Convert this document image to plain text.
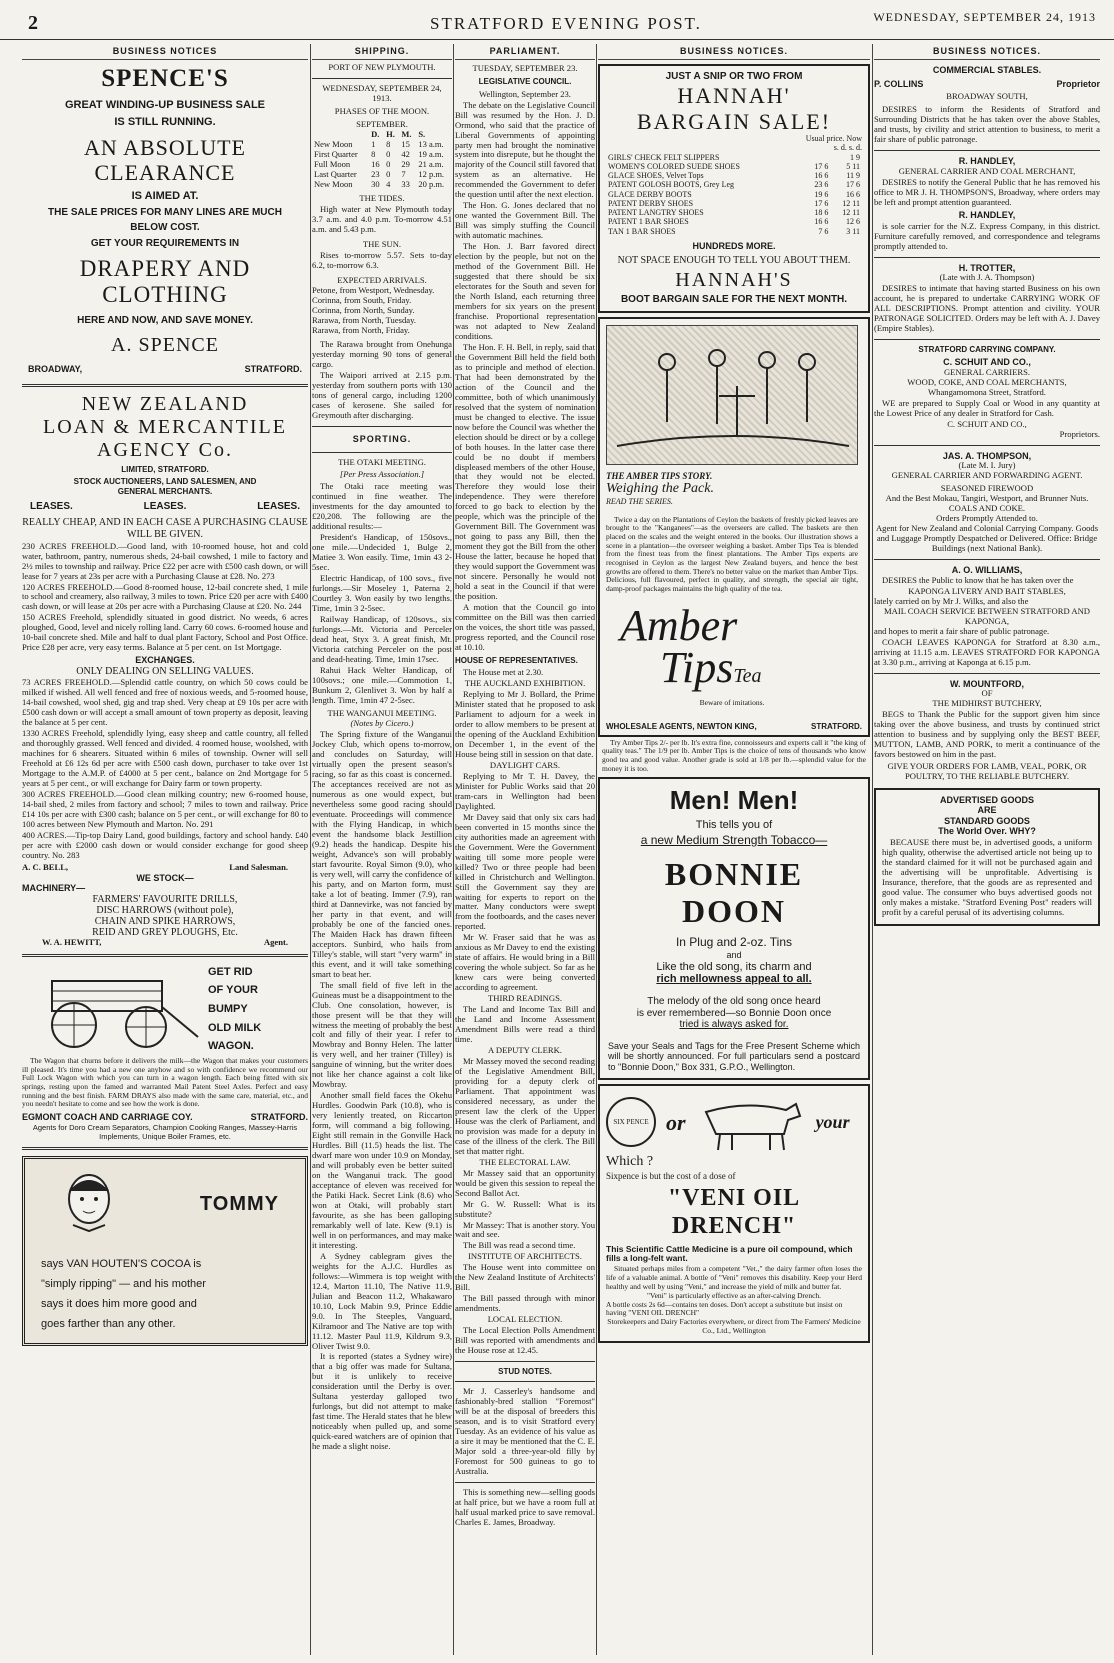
2	STRATFORD EVENING POST.	WEDNESDAY, SEPTEMBER 24, 1913
BUSINESS NOTICES
SPENCE'S
GREAT WINDING-UP BUSINESS SALE
IS STILL RUNNING.
AN ABSOLUTE CLEARANCE
IS AIMED AT.
THE SALE PRICES FOR MANY LINES ARE MUCH
BELOW COST.
GET YOUR REQUIREMENTS IN
DRAPERY AND CLOTHING
HERE AND NOW, AND SAVE MONEY.
A. SPENCE
BROADWAY,	STRATFORD.
NEW ZEALAND
LOAN & MERCANTILE
AGENCY Co.
LIMITED, STRATFORD.
STOCK AUCTIONEERS, LAND SALESMEN, AND
GENERAL MERCHANTS.
LEASES.	LEASES.	LEASES.
REALLY CHEAP, AND IN EACH CASE A PURCHASING CLAUSE WILL BE GIVEN.
230 ACRES FREEHOLD.—Good land, with 10-roomed house, hot and cold water, bathroom, pantry, numerous sheds, 24-bail cowshed, 1 mile to factory and 2½ miles to township and railway. Price £22 per acre with £500 cash down, or will lease for 7 years at 23s per acre with a Purchasing Clause at £28. No. 273
120 ACRES FREEHOLD.—Good 8-roomed house, 12-bail concrete shed, 1 mile to school and creamery, also railway, 3 miles to town. Price £20 per acre with £400 cash down, or will lease at 20s per acre with a Purchasing Clause at £20. No. 244
150 ACRES Freehold, splendidly situated in good district. No weeds, 6 acres ploughed, Good, level and nicely rolling land. Carry 60 cows. 6-roomed house and 10-bail concrete shed. Mile and half to dual plant Factory, School and Post Office. Price £28 per acre, very easy terms. Balance at 5 per cent. on 1st Mortgage.
EXCHANGES.
ONLY DEALING ON SELLING VALUES.
73 ACRES FREEHOLD.—Splendid cattle country, on which 50 cows could be milked if wished. All well fenced and free of noxious weeds, and 5-roomed house, 14-bail cowshed, wool shed, gig and trap shed. Very cheap at £9 10s per acre with £500 cash down or will accept a small amount of town property as deposit, leaving the balance at 5 per cent.
1330 ACRES Freehold, splendidly lying, easy sheep and cattle country, all felled and thoroughly grassed. Well fenced and divided. 4 roomed house, woolshed, with machines for 6 shearers. Situated within 6 miles of township. Owner will sell Freehold at £6 12s 6d per acre with £500 cash down, purchaser to take over 1st Mortgage to the A.M.P. of £4000 at 5 per cent., balance on 2nd Mortgage for 5 years at 5 per cent., or will exchange for Dairy farm or town property.
300 ACRES FREEHOLD.—Good clean milking country; new 6-roomed house, 14-bail shed, 2 miles from factory and school; 7 miles to town and railway. Price £14 10s per acre with £300 cash; balance on 5 per cent., or will exchange for 80 to 100 acres between New Plymouth and Marton. No. 291
400 ACRES.—Tip-top Dairy Land, good buildings, factory and school handy. £40 per acre with £2000 cash down or would consider exchange for good sheep country. No. 283
A. C. BELL,	Land Salesman.
WE STOCK—
MACHINERY—
FARMERS' FAVOURITE DRILLS,
DISC HARROWS (without pole),
CHAIN AND SPIKE HARROWS,
REID AND GREY PLOUGHS, Etc.
W. A. HEWITT,	Agent.
GET RID
OF YOUR
BUMPY
OLD MILK
WAGON.
The Wagon that churns before it delivers the milk—the Wagon that makes your customers ill pleased. It's time you had a new one anyhow and so with confidence we recommend our Full Lock Wagon with which you can turn in a wagon length. Each being fitted with six springs, resting upon the famed and warranted Mail Patent Steel Axles. Perfect and easy running and the best finish. FARM DRAYS also made with the same care, material, etc., and you needn't hesitate to come and see how the work is done.
EGMONT COACH AND CARRIAGE COY.	STRATFORD.
Agents for Doro Cream Separators, Champion Cooking Ranges, Massey-Harris Implements, Unique Boiler Frames, etc.
TOMMY
says VAN HOUTEN'S COCOA is
"simply ripping" — and his mother
says it does him more good and
goes farther than any other.
SHIPPING.
PORT OF NEW PLYMOUTH.
WEDNESDAY, SEPTEMBER 24, 1913.
PHASES OF THE MOON.
SEPTEMBER.
	D.	H.	M.	S.
New Moon	1	8	15	13 a.m.
First Quarter	8	0	42	19 a.m.
Full Moon	16	0	29	21 a.m.
Last Quarter	23	0	7	12 p.m.
New Moon	30	4	33	20 p.m.
THE TIDES.
High water at New Plymouth today 3.7 a.m. and 4.0 p.m. To-morrow 4.51 a.m. and 5.43 p.m.
THE SUN.
Rises to-morrow 5.57. Sets to-day 6.2, to-morrow 6.3.
EXPECTED ARRIVALS.
Petone, from Westport, Wednesday.
Corinna, from South, Friday.
Corinna, from North, Sunday.
Rarawa, from North, Tuesday.
Rarawa, from North, Friday.
The Rarawa brought from Onehunga yesterday morning 90 tons of general cargo.
The Waipori arrived at 2.15 p.m. yesterday from southern ports with 130 tons of general cargo, including 1200 cases of kerosene. She sailed for Greymouth after discharging.
SPORTING.
THE OTAKI MEETING.
[Per Press Association.]
The Otaki race meeting was continued in fine weather. The investments for the day amounted to £20,208. The following are the additional results:—
President's Handicap, of 150sovs., one mile.—Undecided 1, Bulge 2, Matiee 3. Won easily. Time, 1min 43 2-5sec.
Electric Handicap, of 100 sovs., five furlongs.—Sir Moseley 1, Paterna 2, Courtley 3. Won easily by two lengths. Time, 1min 3 2-5sec.
Railway Handicap, of 120sovs., six furlongs.—Mt. Victoria and Perceler dead heat, Styx 3. A great finish, Mt. Victoria catching Perceler on the post and dead-heating. Time, 1min 17sec.
Rahui Hack Welter Handicap, of 100sovs.; one mile.—Commotion 1, Bunkum 2, Glenlivet 3. Won by half a length. Time, 1min 47 2-5sec.
THE WANGANUI MEETING.
(Notes by Cicero.)
The Spring fixture of the Wanganui Jockey Club, which opens to-morrow, and concludes on Saturday, will virtually open the present season's racing, so far as this coast is concerned. The acceptances received are not as numerous as one would expect, but nevertheless some good racing should eventuate. Proceedings will commence with the Flying Handicap, in which event the handsome black Jestillion (9.2) heads the handicap. Despite his weight, Advance's son will probably start favourite. Royal Simon (9.0), who is very well, will carry the confidence of his party, and on Marton form, must take a lot of beating. Immer (7.9), ran third at Dannevirke, was not fancied by her party in that event, and will probably be one of the fancied ones. The Maiden Hack has drawn fifteen acceptors. Sunbird, who hails from Tilley's stable, will start "very warm" in this event, and it will take something smart to beat her.
The small field of five left in the Guineas must be a disappointment to the Club. One consolation, however, is those present will be that they will witness the meeting of probably the best colt and filly of their year. I refer to Mowbray and Bonny Helen. The latter is very well, and her trainer (Tilley) is sanguine of winning, but the writer does not like her chance against a colt like Mowbray.
Another small field faces the Okehu Hurdles. Goodwin Park (10.8), who is very leniently treated, on Riccarton form, will command a big following. Eight still remain in the Gonville Hack Hurdles. Bill (11.5) heads the list. The dwarf mare won under 10.9 on Monday, and will probably even be better suited on the Wanganui track. The good acceptance of eleven was received for the Patiki Hack. Secret Link (8.6) who won at Otaki, will probably start favourite, as she has been galloping remarkably well of late. Kew (9.1) is well in on performances, and may make it interesting.
A Sydney cablegram gives the weights for the A.J.C. Hurdles as follows:—Wimmera is top weight with 12.4, Marton 11.10, The Native 11.9, Julian and Beacon 11.2, Whakawaro 10.10, Lock Mabin 9.9, Prince Eddie 9.0. In The Steeples, Vanguard, Kilramoor and The Native are top with 11.12. Master Paul 11.9, Kildrum 9.3, Oliver Twist 9.0.
It is reported (states a Sydney wire) that a big offer was made for Sultana, but it is unlikely to receive consideration until the Derby is over. Sultana yesterday galloped two furlongs, but did not attempt to make fast time. The Herald states that he blew noticeably when pulled up, and some quick-eared watchers are of opinion that he made a slight noise.
PARLIAMENT.
TUESDAY, SEPTEMBER 23.
LEGISLATIVE COUNCIL.
Wellington, September 23.
The debate on the Legislative Council Bill was resumed by the Hon. J. D. Ormond, who said that the practice of Liberal Governments of appointing party men had brought the nominative system into disrepute, but he thought the majority of the Council still favored that system as an alternative. He recommended the Government to defer the question until after the next election.
The Hon. G. Jones declared that no one wanted the Government Bill. The Bill was simply stuffing the Council with automatic machines.
The Hon. J. Barr favored direct election by the people, but not on the method of the Government Bill. He suggested that there should be six electorates for the South and seven for the North Island, each returning three members for six years on the present franchise. Proportional representation was not adapted to New Zealand conditions.
The Hon. F. H. Bell, in reply, said that the Government Bill held the field both as to principle and method of election. That had been demonstrated by the action of the Council and the committee, both of which unanimously resolved that the system of nomination must be changed to elective. The issue now before the Council was whether the election should be direct or by a college of both houses. In the latter case there could be no doubt if members displeased members of the other House, that they would not be elected. Therefore they would lose their independence. They were therefore forced to go back to election by the people, which was the principle of the Government Bill. The Government was not going to pass any Bill, then the moment they got the Bill from the other House the latter, because he hoped that they would support the Government was not sincere. Personally he would not hold a seat in the Council if that were the position.
A motion that the Council go into committee on the Bill was then carried on the voices, the short title was passed, progress reported, and the Council rose at 10.10.
HOUSE OF REPRESENTATIVES.
The House met at 2.30.
THE AUCKLAND EXHIBITION.
Replying to Mr J. Bollard, the Prime Minister stated that he proposed to ask Parliament to adjourn for a week in order to allow members to be present at the opening of the Auckland Exhibition on December 1, in the event of the House being still in session on that date.
DAYLIGHT CARS.
Replying to Mr T. H. Davey, the Minister for Public Works said that 20 tram-cars in Wellington had been Daylighted.
Mr Davey said that only six cars had been converted in 15 months since the city authorities made an agreement with the Government. Were the Government waiting till some more people were killed? Two or three people had been killed in Christchurch and Wellington. Still the Government say they are waiting for experts to report on the matter. Many conductors were swept from the footboards, and the cases never reported.
Mr W. Fraser said that he was as anxious as Mr Davey to end the existing state of affairs. He would bring in a Bill covering the whole subject. So far as he knew cars were being converted according to agreement.
THIRD READINGS.
The Land and Income Tax Bill and the Land and Income Assessment Amendment Bills were read a third time.
A DEPUTY CLERK.
Mr Massey moved the second reading of the Legislative Amendment Bill, providing for a deputy clerk of Parliament. That appointment was considered necessary, as under the present law the clerk of the Upper House was the clerk of Parliament, and no provision was made for a deputy in case of the illness of the clerk. The Bill set that matter right.
THE ELECTORAL LAW.
Mr Massey said that an opportunity would be given this session to repeal the Second Ballot Act.
Mr G. W. Russell: What is its substitute?
Mr Massey: That is another story. You wait and see.
The Bill was read a second time.
INSTITUTE OF ARCHITECTS.
The House went into committee on the New Zealand Institute of Architects' Bill.
The Bill passed through with minor amendments.
LOCAL ELECTION.
The Local Election Polls Amendment Bill was reported with amendments and the House rose at 12.45.
STUD NOTES.
Mr J. Casserley's handsome and fashionably-bred stallion "Foremost" will be at the disposal of breeders this season, and is to visit Stratford every Tuesday. As an evidence of his value as a sire it may be mentioned that the C. E. Major sold a three-year-old filly by Foremost for 500 guineas to go to Australia.
This is something new—selling goods at half price, but we have a room full at half usual marked price to save removal. Charles E. James, Broadway.
BUSINESS NOTICES.
JUST A SNIP OR TWO FROM
HANNAH'
BARGAIN SALE!
Usual price. Now
s. d. s. d.
GIRLS' CHECK FELT SLIPPERS		1 9
WOMEN'S COLORED SUEDE SHOES	17 6	5 11
GLACE SHOES, Velvet Tops	16 6	11 9
PATENT GOLOSH BOOTS, Grey Leg	23 6	17 6
GLACE DERBY BOOTS	19 6	16 6
PATENT DERBY SHOES	17 6	12 11
PATENT LANGTRY SHOES	18 6	12 11
PATENT 1 BAR SHOES	16 6	12 6
TAN 1 BAR SHOES	7 6	3 11
HUNDREDS MORE.
NOT SPACE ENOUGH TO TELL YOU ABOUT THEM.
HANNAH'S
BOOT BARGAIN SALE FOR THE NEXT MONTH.
THE AMBER TIPS STORY.
Weighing the Pack.
READ THE SERIES.
Twice a day on the Plantations of Ceylon the baskets of freshly picked leaves are brought to the "Kanganees"—as the overseers are called. The baskets are then placed on the scales and the weight entered in the books. Our illustration shows a scene in a plantation—the overseer weighing a basket. Amber Tips Tea is blended from the finest teas from the finest plantations. The Amber Tips experts are recognised in Ceylon as the largest New Zealand buyers, and hence the best growths are offered to them. There's no better value on the market than Amber Tips. Delicious, full flavoured, perfect in quality, and strength, the special air tight, damp-proof packages maintains the high quality of the tea.
Amber
TipsTea
Beware of imitations.
WHOLESALE AGENTS, NEWTON KING,	STRATFORD.
Try Amber Tips 2/- per lb. It's extra fine, connoisseurs and experts call it "the king of quality teas." The 1/9 per lb. Amber Tips is the choice of tens of thousands who know good tea and good value. Another grade is sold at 1/8 per lb.—splendid value for the money it is too.
Men! Men!
This tells you of
a new Medium Strength Tobacco—
BONNIE DOON
In Plug and 2-oz. Tins
and
Like the old song, its charm and
rich mellowness appeal to all.
The melody of the old song once heard
is ever remembered—so Bonnie Doon once
tried is always asked for.
Save your Seals and Tags for the Free Present Scheme which will be shortly announced. For full particulars send a postcard to "Bonnie Doon," Box 331, G.P.O., Wellington.
SIX PENCE or	your
Which ?
Sixpence is but the cost of a dose of
"VENI OIL DRENCH"
This Scientific Cattle Medicine is a pure oil compound, which fills a long-felt want.
Situated perhaps miles from a competent "Vet.," the dairy farmer often loses the life of a valuable animal. A bottle of "Veni" removes this disability. Keep your Herd healthy and well by using "Veni," and increase the yield of milk and butter fat.
"Veni" is particularly effective as an after-calving Drench.
A bottle costs 2s 6d—contains ten doses. Don't accept a substitute but insist on having "VENI OIL DRENCH"
Storekeepers and Dairy Factories everywhere, or direct from The Farmers' Medicine Co., Ltd., Wellington
BUSINESS NOTICES.
COMMERCIAL STABLES.
P. COLLINS	Proprietor
BROADWAY SOUTH,
DESIRES to inform the Residents of Stratford and Surrounding Districts that he has taken over the above Stables, and trusts, by civility and strict attention to business, to merit a fair share of public patronage.
R. HANDLEY,
GENERAL CARRIER AND COAL MERCHANT,
DESIRES to notify the General Public that he has removed his office to MR J. H. THOMPSON'S, Broadway, where orders may be left and prompt attention guaranteed.
R. HANDLEY,
is sole carrier for the N.Z. Express Company, in this district. Furniture carefully removed, and correspondence and telegrams promptly attended to.
H. TROTTER,
(Late with J. A. Thompson)
DESIRES to intimate that having started Business on his own account, he is prepared to undertake CARRYING WORK OF ALL DESCRIPTIONS. Prompt attention and civility. YOUR PATRONAGE SOLICITED. Orders may be left with A. J. Davey (Empire Stables).
STRATFORD CARRYING COMPANY.
C. SCHUIT AND CO.,
GENERAL CARRIERS.
WOOD, COKE, AND COAL MERCHANTS,
Whangamomona Street, Stratford.
WE are prepared to Supply Coal or Wood in any quantity at the Lowest Price of any dealer in Stratford for Cash.
C. SCHUIT AND CO.,
Proprietors.
JAS. A. THOMPSON,
(Late M. I. Jury)
GENERAL CARRIER AND FORWARDING AGENT.
SEASONED FIREWOOD
And the Best Mokau, Tangiri, Westport, and Brunner Nuts.
COALS AND COKE.
Orders Promptly Attended to.
Agent for New Zealand and Colonial Carrying Company. Goods and Luggage Promptly Despatched or Delivered. Office: Bridge Buildings (next National Bank).
A. O. WILLIAMS,
DESIRES the Public to know that he has taken over the
KAPONGA LIVERY AND BAIT STABLES,
lately carried on by Mr J. Wilks, and also the
MAIL COACH SERVICE BETWEEN STRATFORD AND KAPONGA,
and hopes to merit a fair share of public patronage.
COACH LEAVES KAPONGA for Stratford at 8.30 a.m., arriving at 11.15 a.m. LEAVES STRATFORD FOR KAPONGA at 3.30 p.m., arriving at Kaponga at 6.15 p.m.
W. MOUNTFORD,
OF
THE MIDHIRST BUTCHERY,
BEGS to Thank the Public for the support given him since taking over the above business, and trusts by continued strict attention to business and by supplying only the BEST BEEF, MUTTON, LAMB, AND PORK, to merit a continuance of the favors bestowed on him in the past.
GIVE YOUR ORDERS FOR LAMB, VEAL, PORK, OR POULTRY, TO THE RELIABLE BUTCHERY.
ADVERTISED GOODS
ARE
STANDARD GOODS
The World Over. WHY?
BECAUSE there must be, in advertised goods, a uniform high quality, otherwise the advertised article not being up to the standard claimed for it will not be purchased again and the advertising will be unprofitable. Advertising is Insurance, therefore, that the goods are as represented and good value. The consumer who buys advertised goods not only makes a mistake. "Stratford Evening Post" readers will profit by a careful perusal of its advertising columns.
